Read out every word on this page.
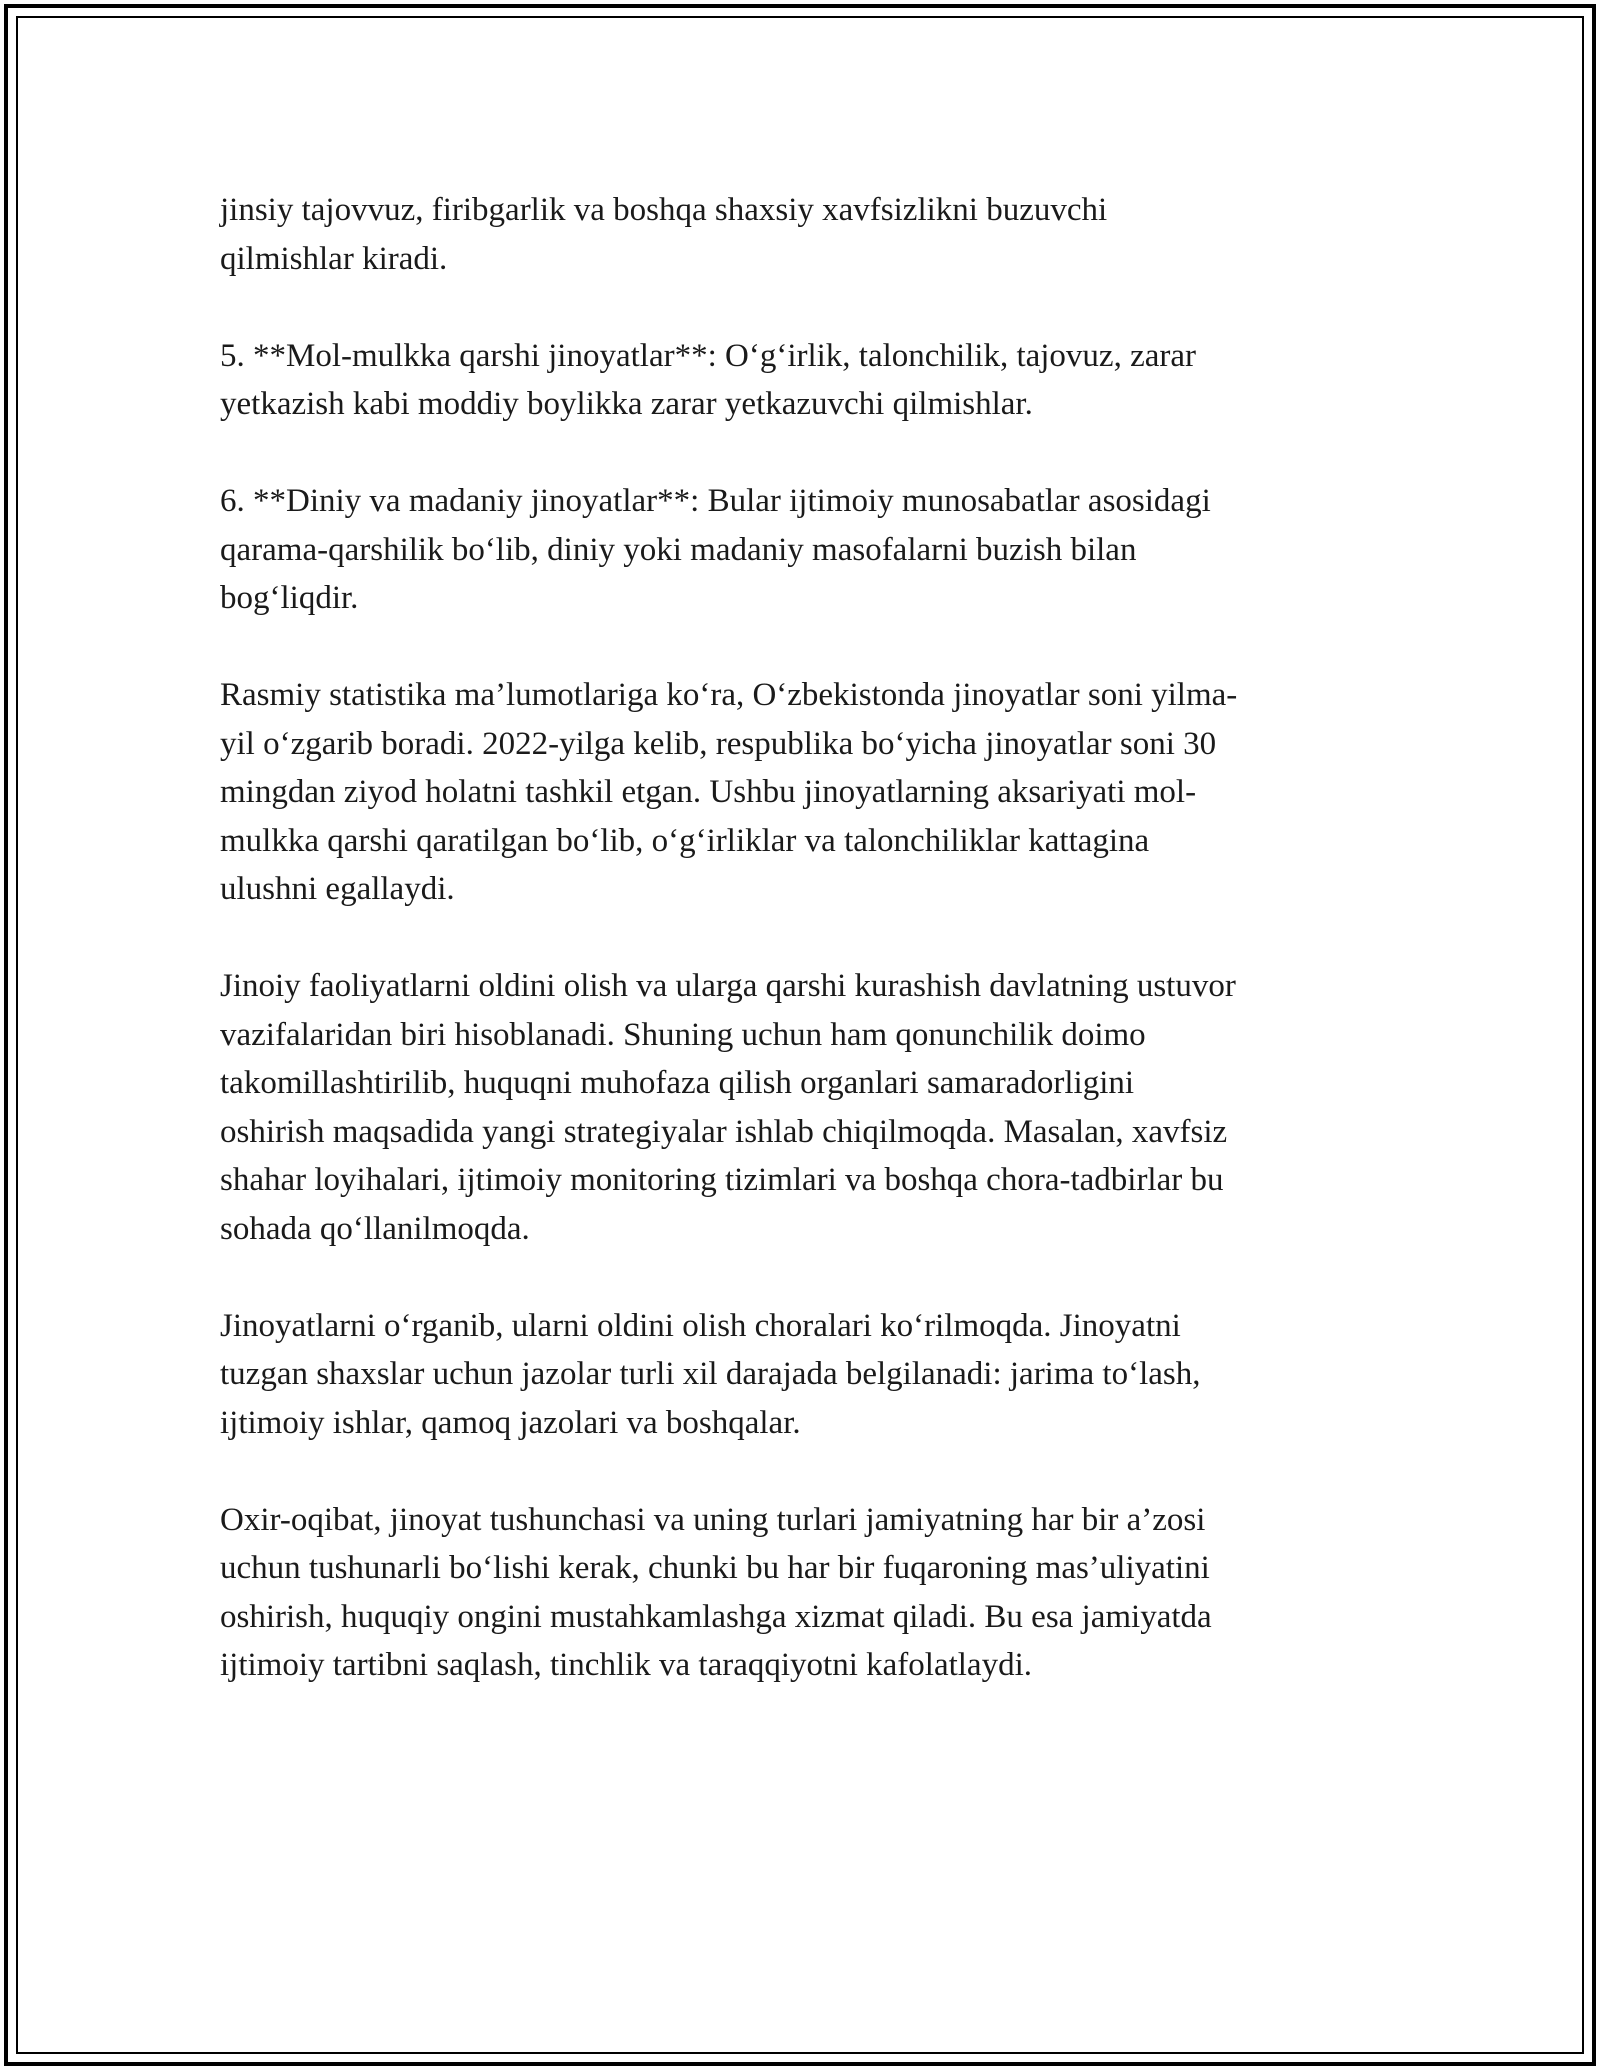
jinsiy tajovvuz, firibgarlik va boshqa shaxsiy xavfsizlikni buzuvchi
qilmishlar kiradi.

5. **Mol-mulkka qarshi jinoyatlar**: O‘g‘irlik, talonchilik, tajovuz, zarar
yetkazish kabi moddiy boylikka zarar yetkazuvchi qilmishlar.

6. **Diniy va madaniy jinoyatlar**: Bular ijtimoiy munosabatlar asosidagi
qarama-qarshilik bo‘lib, diniy yoki madaniy masofalarni buzish bilan
bog‘liqdir.

Rasmiy statistika ma’lumotlariga ko‘ra, O‘zbekistonda jinoyatlar soni yilma-
yil o‘zgarib boradi. 2022-yilga kelib, respublika bo‘yicha jinoyatlar soni 30
mingdan ziyod holatni tashkil etgan. Ushbu jinoyatlarning aksariyati mol-
mulkka qarshi qaratilgan bo‘lib, o‘g‘irliklar va talonchiliklar kattagina
ulushni egallaydi.

Jinoiy faoliyatlarni oldini olish va ularga qarshi kurashish davlatning ustuvor
vazifalaridan biri hisoblanadi. Shuning uchun ham qonunchilik doimo
takomillashtirilib, huquqni muhofaza qilish organlari samaradorligini
oshirish maqsadida yangi strategiyalar ishlab chiqilmoqda. Masalan, xavfsiz
shahar loyihalari, ijtimoiy monitoring tizimlari va boshqa chora-tadbirlar bu
sohada qo‘llanilmoqda.

Jinoyatlarni o‘rganib, ularni oldini olish choralari ko‘rilmoqda. Jinoyatni
tuzgan shaxslar uchun jazolar turli xil darajada belgilanadi: jarima to‘lash,
ijtimoiy ishlar, qamoq jazolari va boshqalar.

Oxir-oqibat, jinoyat tushunchasi va uning turlari jamiyatning har bir a’zosi
uchun tushunarli bo‘lishi kerak, chunki bu har bir fuqaroning mas’uliyatini
oshirish, huquqiy ongini mustahkamlashga xizmat qiladi. Bu esa jamiyatda
ijtimoiy tartibni saqlash, tinchlik va taraqqiyotni kafolatlaydi.
